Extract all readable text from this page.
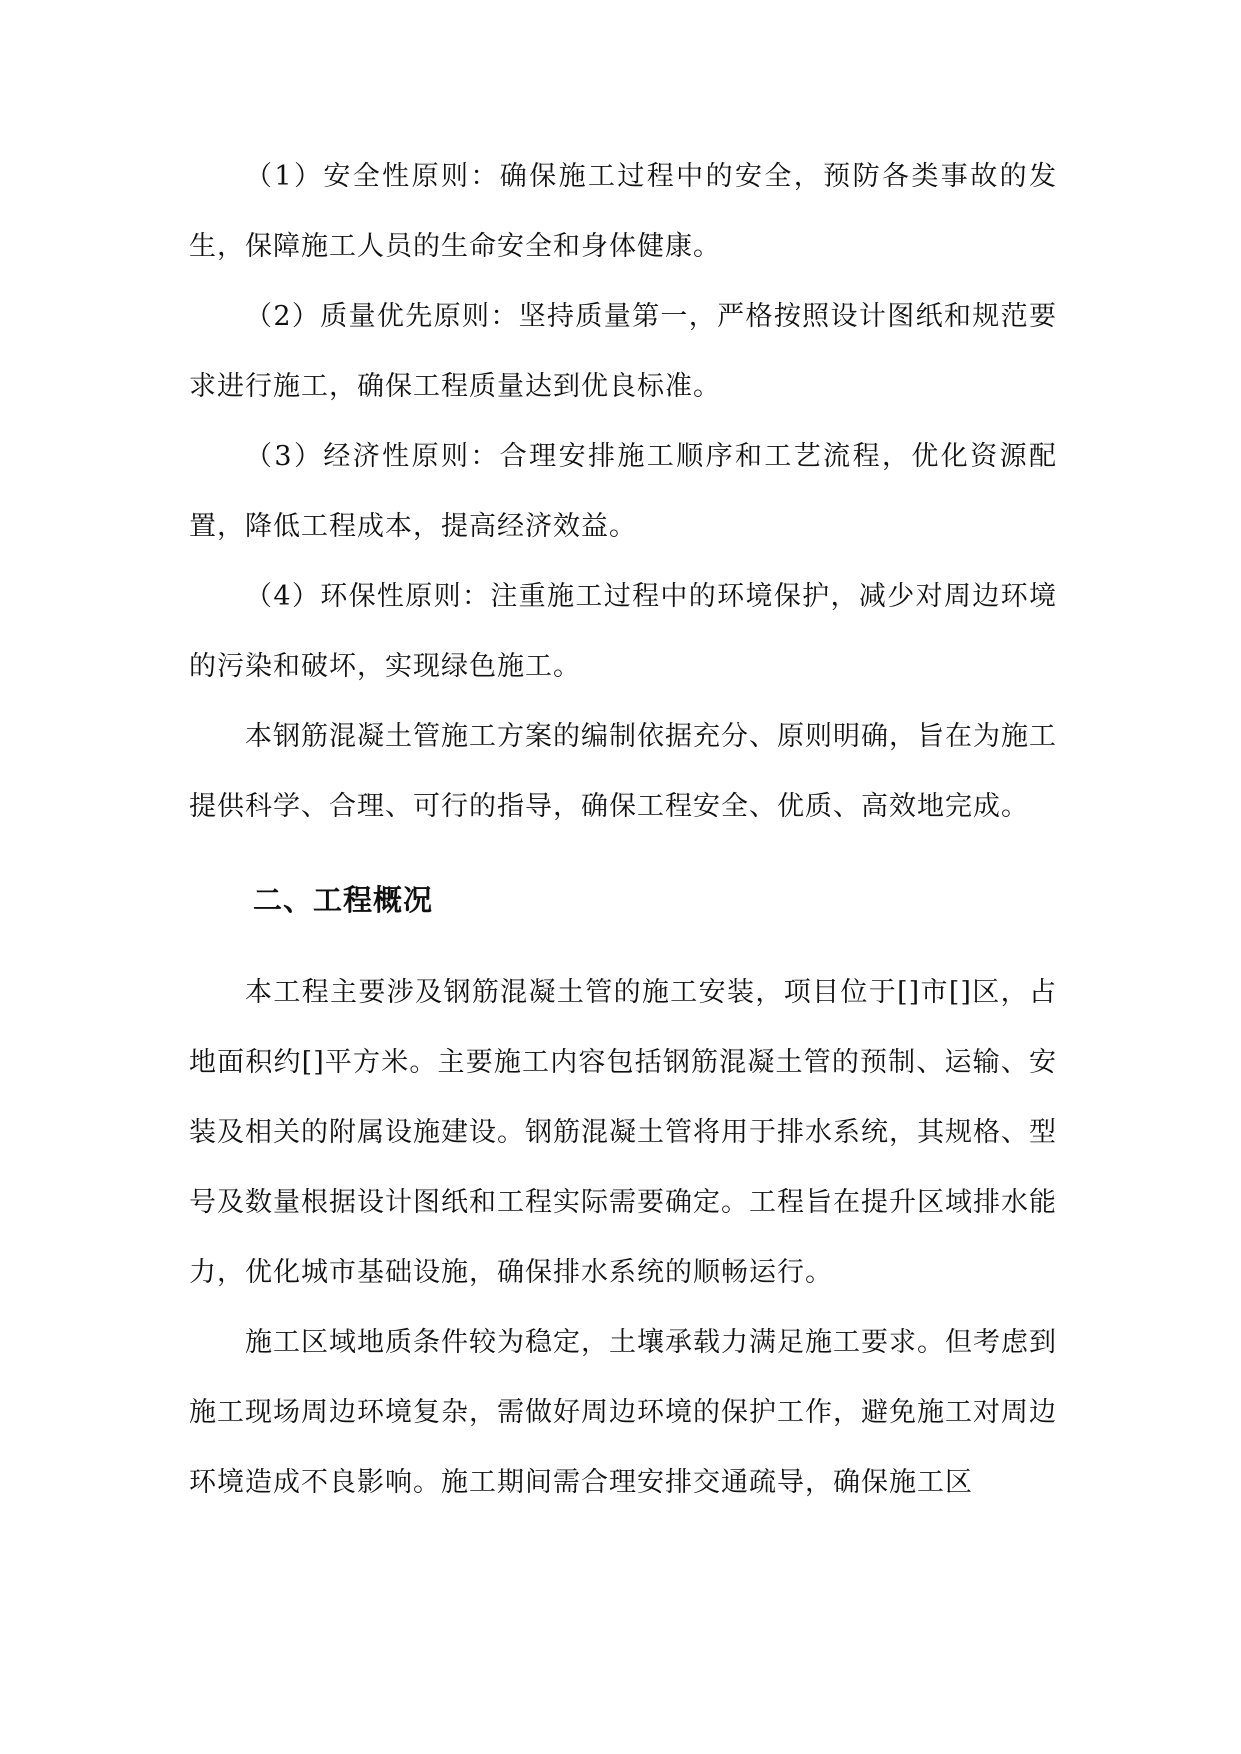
（1）安全性原则：确保施工过程中的安全，预防各类事故的发生，保障施工人员的生命安全和身体健康。

（2）质量优先原则：坚持质量第一，严格按照设计图纸和规范要求进行施工，确保工程质量达到优良标准。

（3）经济性原则：合理安排施工顺序和工艺流程，优化资源配置，降低工程成本，提高经济效益。

（4）环保性原则：注重施工过程中的环境保护，减少对周边环境的污染和破坏，实现绿色施工。

本钢筋混凝土管施工方案的编制依据充分、原则明确，旨在为施工提供科学、合理、可行的指导，确保工程安全、优质、高效地完成。

二、工程概况

本工程主要涉及钢筋混凝土管的施工安装，项目位于[]市[]区，占地面积约[]平方米。主要施工内容包括钢筋混凝土管的预制、运输、安装及相关的附属设施建设。钢筋混凝土管将用于排水系统，其规格、型号及数量根据设计图纸和工程实际需要确定。工程旨在提升区域排水能力，优化城市基础设施，确保排水系统的顺畅运行。

施工区域地质条件较为稳定，土壤承载力满足施工要求。但考虑到施工现场周边环境复杂，需做好周边环境的保护工作，避免施工对周边环境造成不良影响。施工期间需合理安排交通疏导，确保施工区
